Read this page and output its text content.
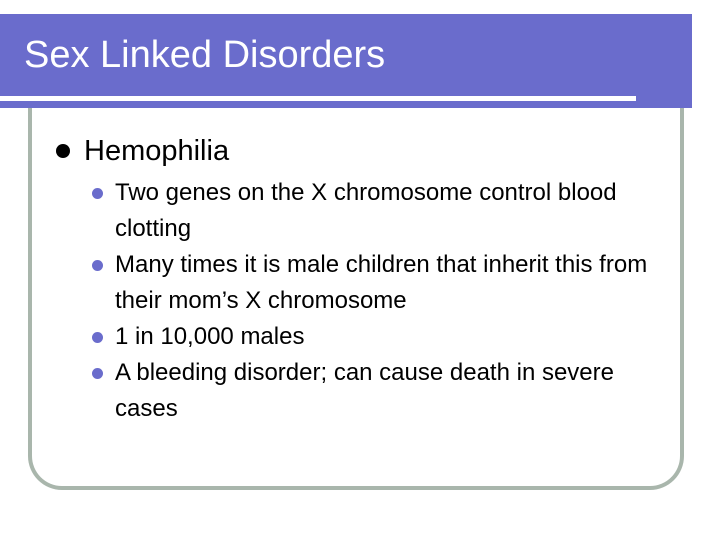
Sex Linked Disorders
Hemophilia
Two genes on the X chromosome control blood clotting
Many times it is male children that inherit this from their mom’s X chromosome
1 in 10,000 males
A bleeding disorder; can cause death in severe cases
